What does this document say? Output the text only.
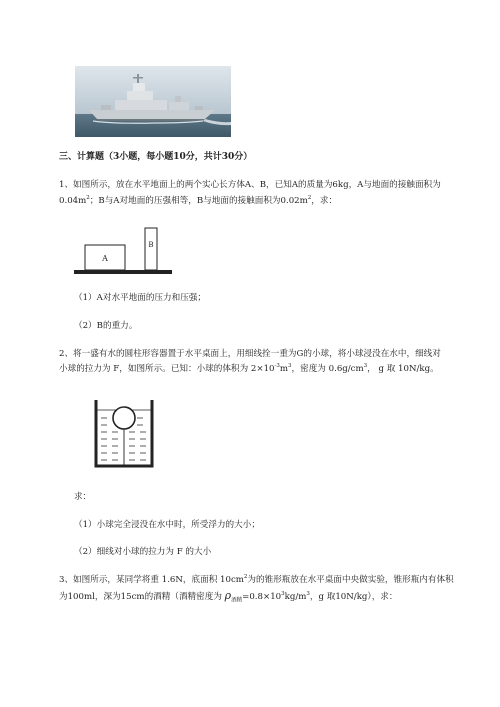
三、计算题（3小题，每小题10分，共计30分）
1、如图所示，放在水平地面上的两个实心长方体A、B，已知A的质量为6kg，A与地面的接触面积为
$0.04m^2$；B与A对地面的压强相等，B与地面的接触面积为$0.02m^2$，求：
A
B
（1）A对水平地面的压力和压强；
（2）B的重力。
2、将一盛有水的圆柱形容器置于水平桌面上，用细线拴一重为G的小球，将小球浸没在水中，细线对
小球的拉力为 F，如图所示。已知：小球的体积为 $2\times 10^{-3}m^3$，密度为 $0.6g/cm^3$， g 取 10N/kg。
求：
（1）小球完全浸没在水中时，所受浮力的大小；
（2）细线对小球的拉力为 F 的大小
3、如图所示，某同学将重 1.6N，底面积 $10cm^2$为的锥形瓶放在水平桌面中央做实验，锥形瓶内有体积
为100ml，深为15cm的酒精（酒精密度为 $\rho_{酒精}=0.8\times 10^3kg/m^3$，g 取10N/kg），求：
